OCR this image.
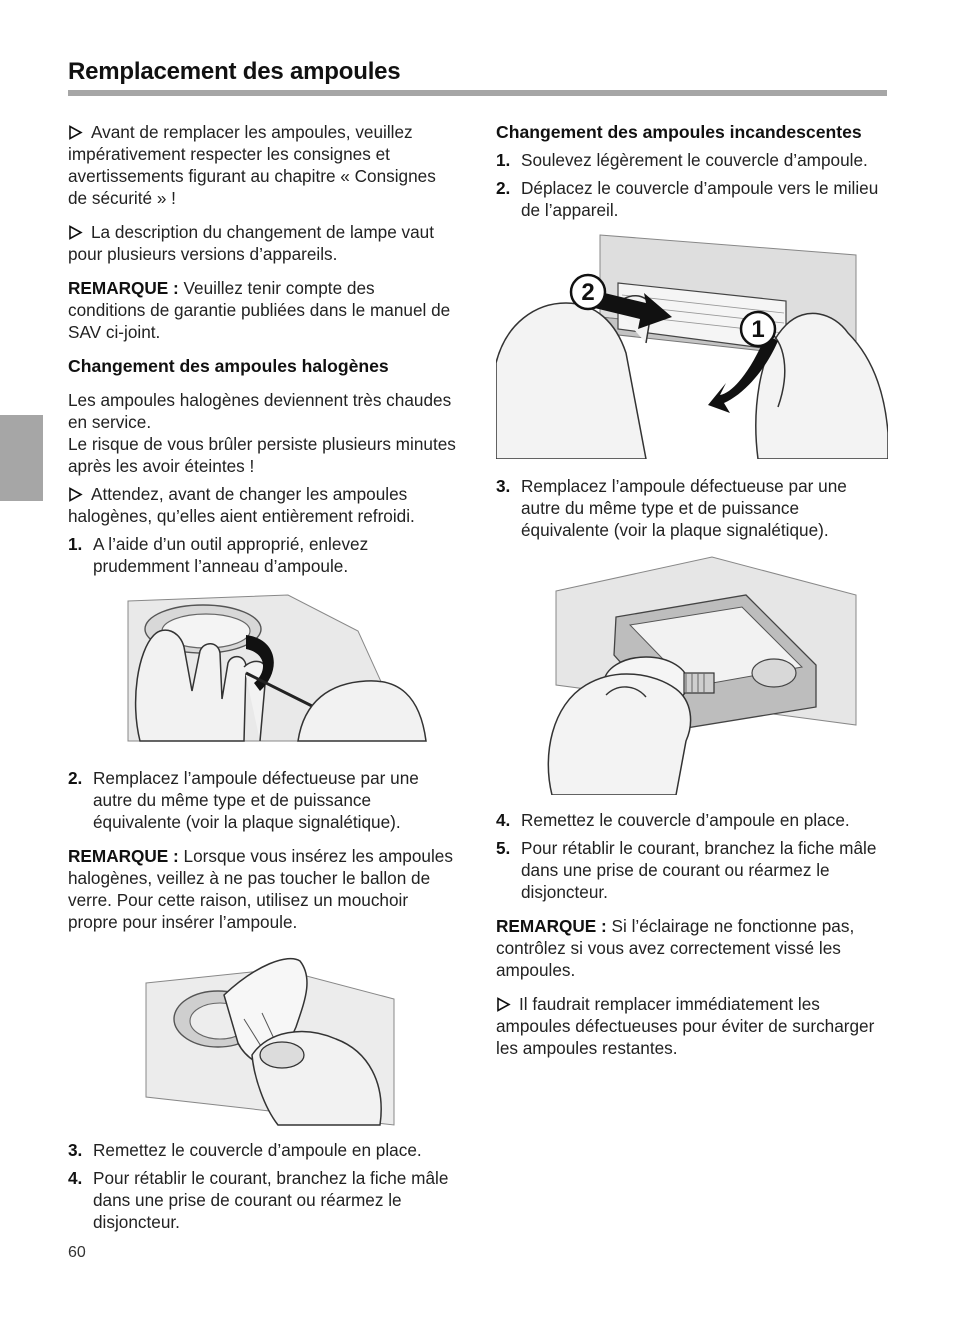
Remplacement des ampoules

Avant de remplacer les ampoules, veuillez impérativement respecter les consignes et avertissements figurant au chapitre « Consignes de sécurité » !

La description du changement de lampe vaut pour plusieurs versions d’appareils.

REMARQUE : Veuillez tenir compte des conditions de garantie publiées dans le manuel de SAV ci-joint.

Changement des ampoules halogènes

Les ampoules halogènes deviennent très chaudes en service.

Le risque de vous brûler persiste plusieurs minutes après les avoir éteintes !

Attendez, avant de changer les ampoules halogènes, qu’elles aient entièrement refroidi.

1. A l’aide d’un outil approprié, enlevez prudemment l’anneau d’ampoule.
2. Remplacez l’ampoule défectueuse par une autre du même type et de puissance équivalente (voir la plaque signalétique).

REMARQUE : Lorsque vous insérez les ampoules halogènes, veillez à ne pas toucher le ballon de verre. Pour cette raison, utilisez un mouchoir propre pour insérer l’ampoule.

3. Remettez le couvercle d’ampoule en place.
4. Pour rétablir le courant, branchez la fiche mâle dans une prise de courant ou réarmez le disjoncteur.

Changement des ampoules incandescentes

1. Soulevez légèrement le couvercle d’ampoule.
2. Déplacez le couvercle d’ampoule vers le milieu de l’appareil.
2
1
3. Remplacez l’ampoule défectueuse par une autre du même type et de puissance équivalente (voir la plaque signalétique).
4. Remettez le couvercle d’ampoule en place.
5. Pour rétablir le courant, branchez la fiche mâle dans une prise de courant ou réarmez le disjoncteur.

REMARQUE : Si l’éclairage ne fonctionne pas, contrôlez si vous avez correctement vissé les ampoules.

Il faudrait remplacer immédiatement les ampoules défectueuses pour éviter de surcharger les ampoules restantes.

60
